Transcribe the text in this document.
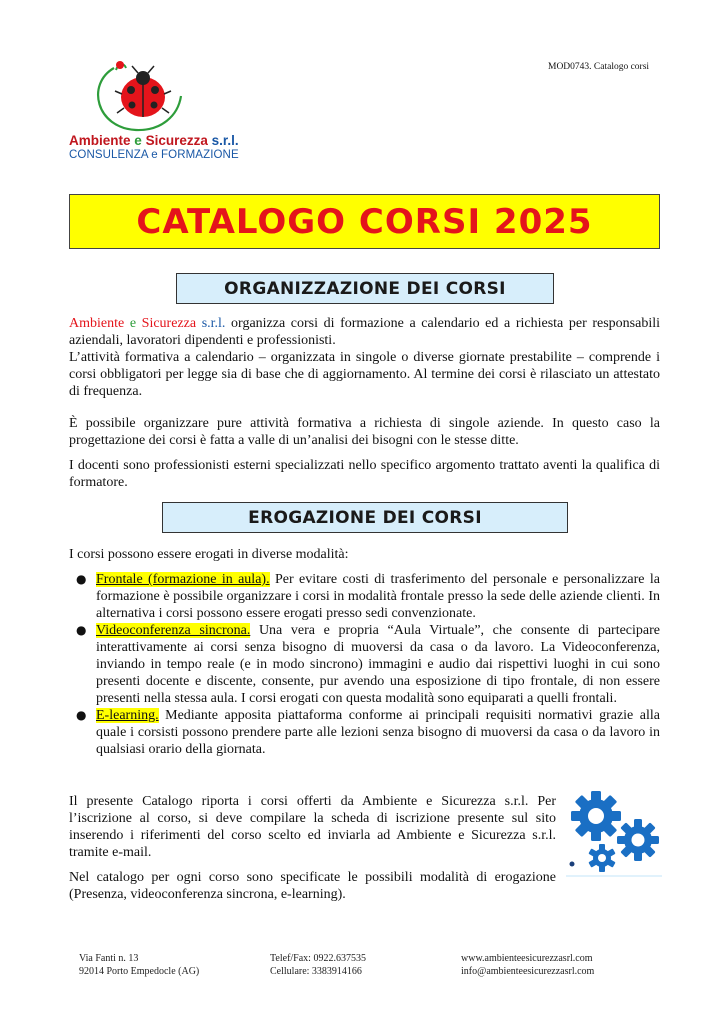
MOD0743. Catalogo corsi
Ambiente e Sicurezza s.r.l.
CONSULENZA e FORMAZIONE
CATALOGO CORSI 2025
ORGANIZZAZIONE DEI CORSI
Ambiente e Sicurezza s.r.l. organizza corsi di formazione a calendario ed a richiesta per responsabili aziendali, lavoratori dipendenti e professionisti.
L’attività formativa a calendario – organizzata in singole o diverse giornate prestabilite – comprende i corsi obbligatori per legge sia di base che di aggiornamento. Al termine dei corsi è rilasciato un attestato di frequenza.
È possibile organizzare pure attività formativa a richiesta di singole aziende. In questo caso la progettazione dei corsi è fatta a valle di un’analisi dei bisogni con le stesse ditte.
I docenti sono professionisti esterni specializzati nello specifico argomento trattato aventi la qualifica di formatore.
EROGAZIONE DEI CORSI
I corsi possono essere erogati in diverse modalità:
● Frontale (formazione in aula). Per evitare costi di trasferimento del personale e personalizzare la formazione è possibile organizzare i corsi in modalità frontale presso la sede delle aziende clienti. In alternativa i corsi possono essere erogati presso sedi convenzionate.
● Videoconferenza sincrona. Una vera e propria “Aula Virtuale”, che consente di partecipare interattivamente ai corsi senza bisogno di muoversi da casa o da lavoro. La Videoconferenza, inviando in tempo reale (e in modo sincrono) immagini e audio dai rispettivi luoghi in cui sono presenti docente e discente, consente, pur avendo una esposizione di tipo frontale, di non essere presenti nella stessa aula. I corsi erogati con questa modalità sono equiparati a quelli frontali.
● E-learning. Mediante apposita piattaforma conforme ai principali requisiti normativi grazie alla quale i corsisti possono prendere parte alle lezioni senza bisogno di muoversi da casa o da lavoro in qualsiasi orario della giornata.
Il presente Catalogo riporta i corsi offerti da Ambiente e Sicurezza s.r.l. Per l’iscrizione al corso, si deve compilare la scheda di iscrizione presente sul sito inserendo i riferimenti del corso scelto ed inviarla ad Ambiente e Sicurezza s.r.l. tramite e-mail.
Nel catalogo per ogni corso sono specificate le possibili modalità di erogazione (Presenza, videoconferenza sincrona, e-learning).
Via Fanti n. 13
92014 Porto Empedocle (AG)
Telef/Fax: 0922.637535
Cellulare: 3383914166
www.ambienteesicurezzasrl.com
info@ambienteesicurezzasrl.com
